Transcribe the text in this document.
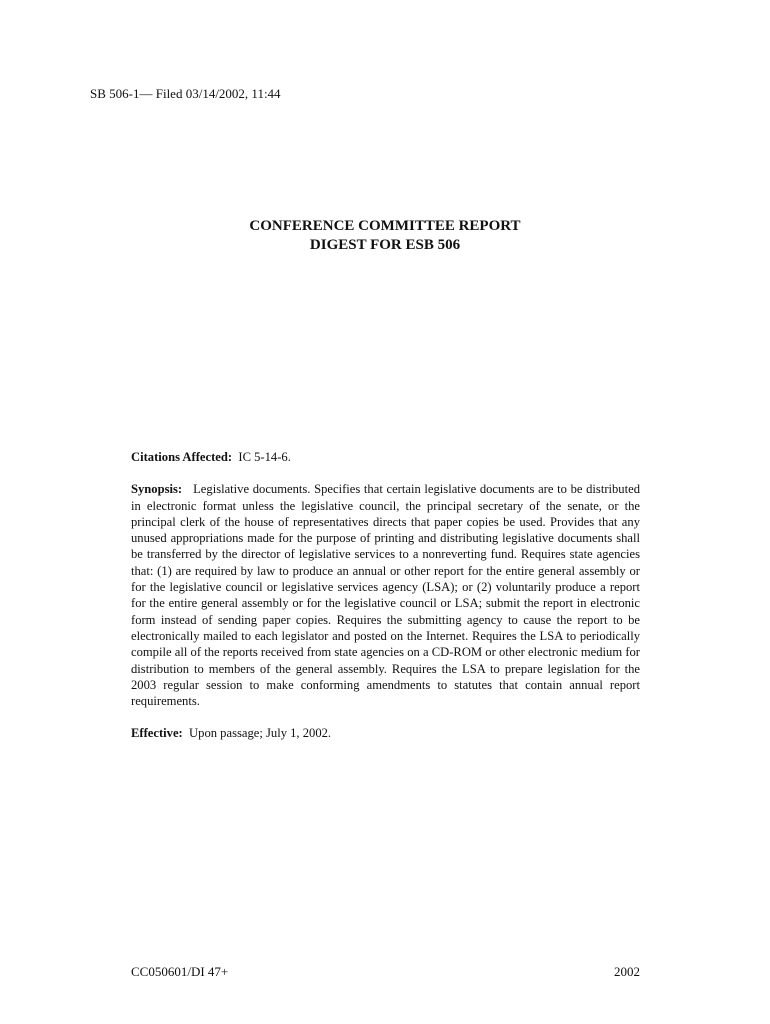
SB 506-1— Filed 03/14/2002, 11:44
CONFERENCE COMMITTEE REPORT
DIGEST FOR ESB 506

Citations Affected: IC 5-14-6.

Synopsis: Legislative documents. Specifies that certain legislative documents are to be distributed in electronic format unless the legislative council, the principal secretary of the senate, or the principal clerk of the house of representatives directs that paper copies be used. Provides that any unused appropriations made for the purpose of printing and distributing legislative documents shall be transferred by the director of legislative services to a nonreverting fund. Requires state agencies that: (1) are required by law to produce an annual or other report for the entire general assembly or for the legislative council or legislative services agency (LSA); or (2) voluntarily produce a report for the entire general assembly or for the legislative council or LSA; submit the report in electronic form instead of sending paper copies. Requires the submitting agency to cause the report to be electronically mailed to each legislator and posted on the Internet. Requires the LSA to periodically compile all of the reports received from state agencies on a CD-ROM or other electronic medium for distribution to members of the general assembly. Requires the LSA to prepare legislation for the 2003 regular session to make conforming amendments to statutes that contain annual report requirements.

Effective: Upon passage; July 1, 2002.

CC050601/DI 47+	2002
